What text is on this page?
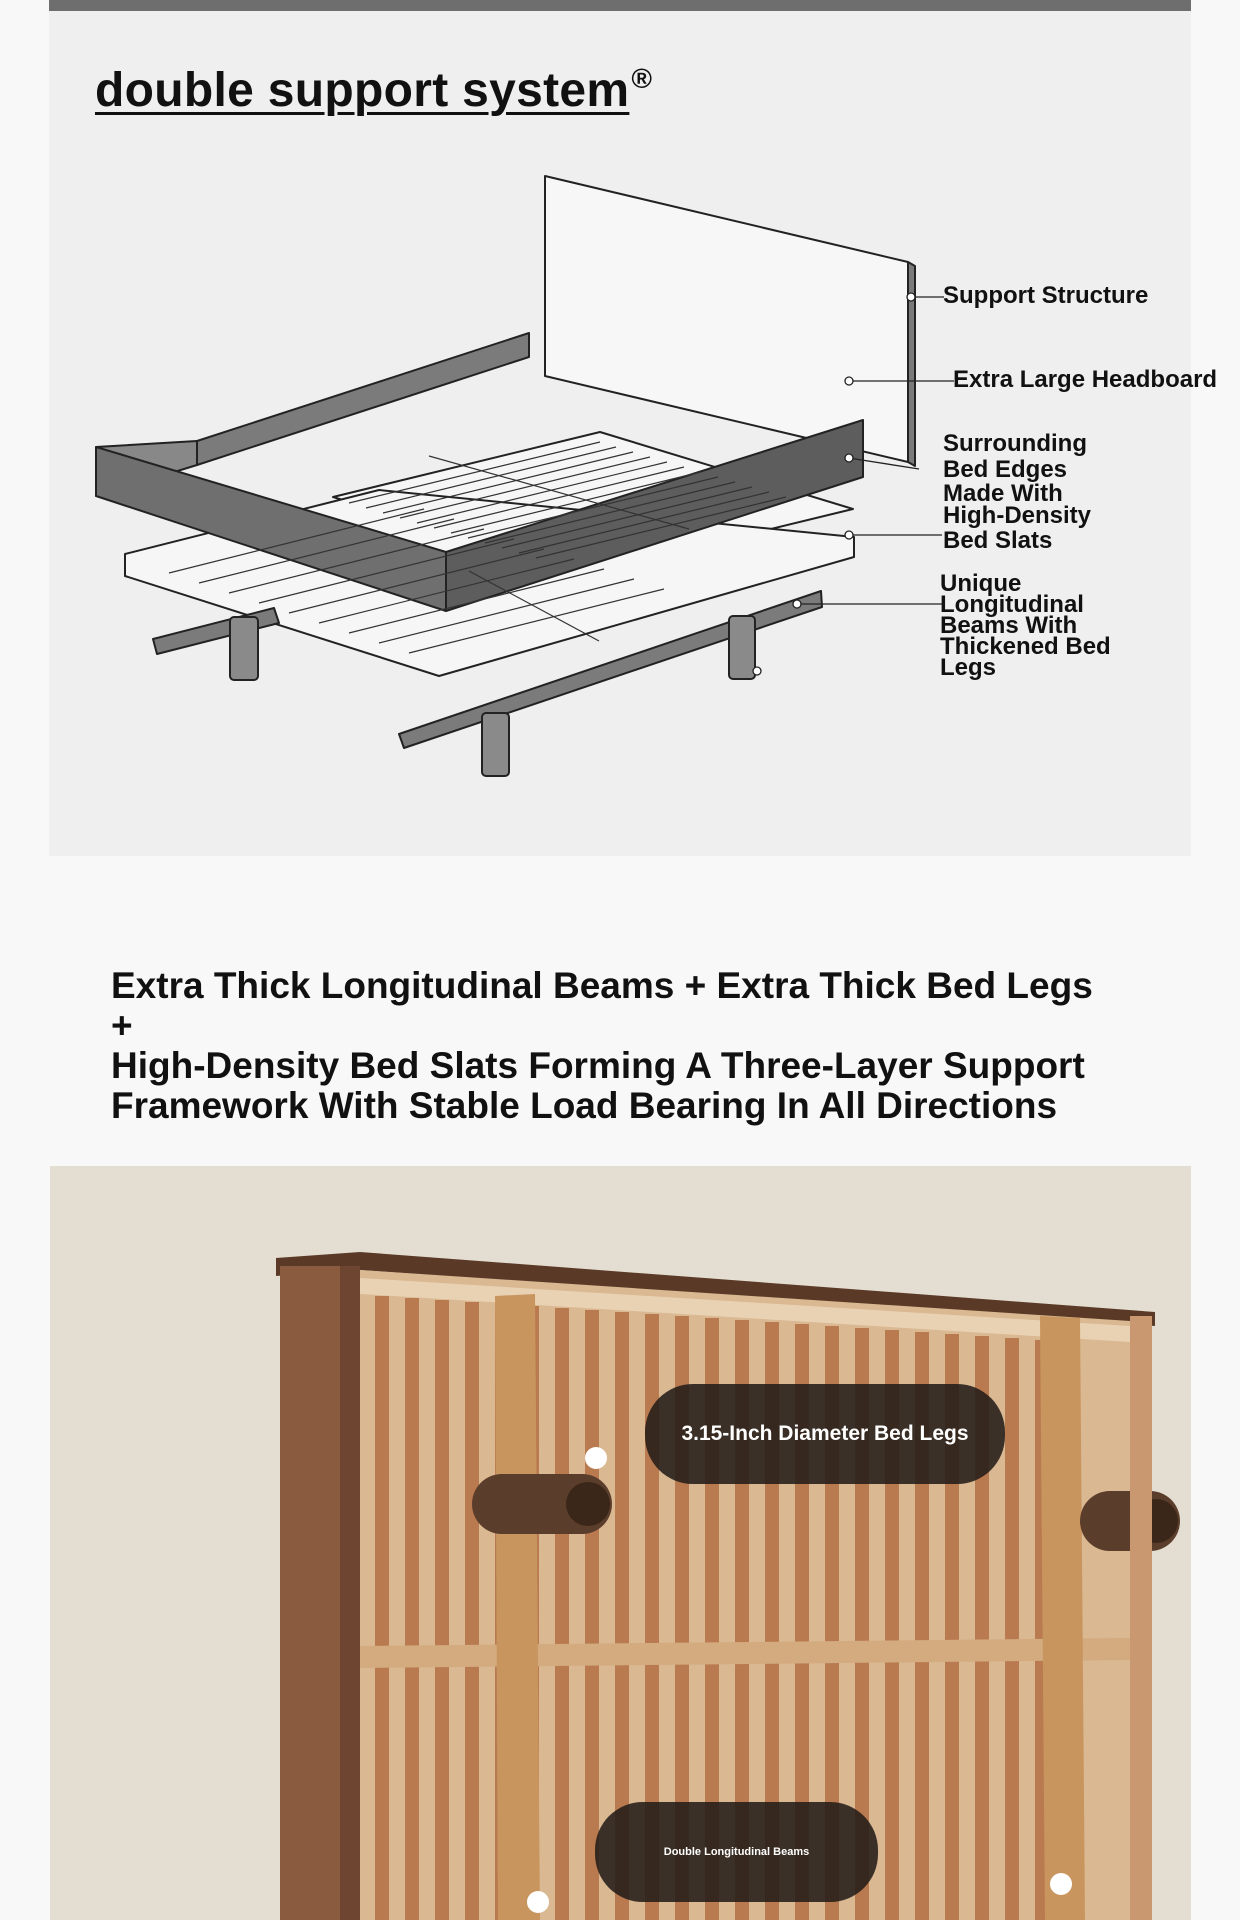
double support system®

Support Structure

Extra Large Headboard

Surrounding
Bed Edges
Made With
High-Density
Bed Slats
Unique
Longitudinal
Beams With
Thickened Bed
Legs
Extra Thick Longitudinal Beams + Extra Thick Bed Legs +
High-Density Bed Slats Forming A Three-Layer Support
Framework With Stable Load Bearing In All Directions
3.15-Inch Diameter Bed Legs
Double Longitudinal Beams
